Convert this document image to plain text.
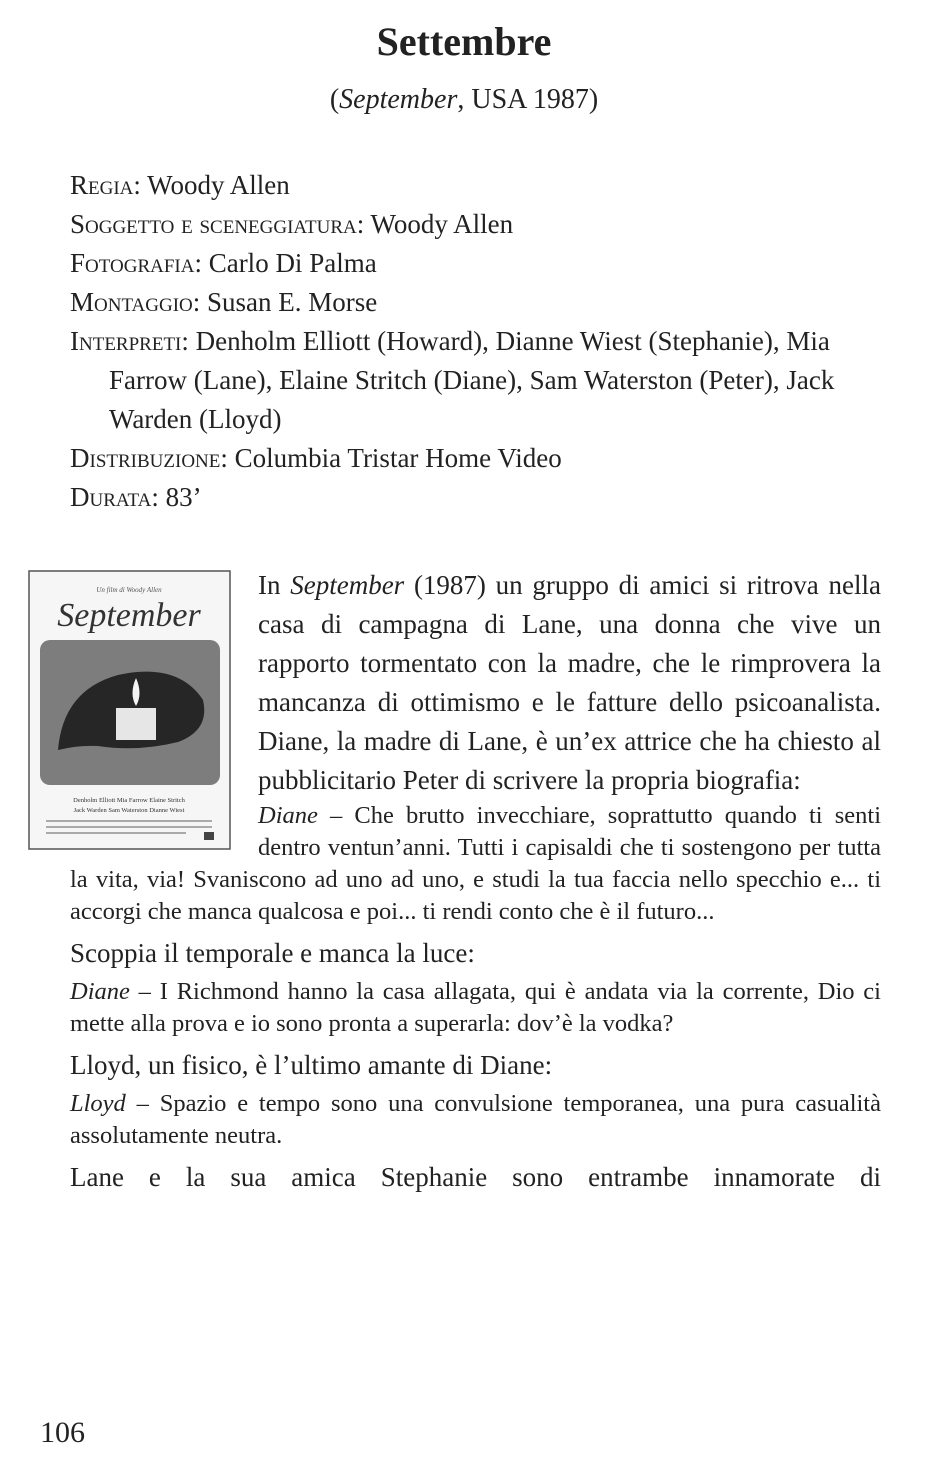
Settembre

(September, USA 1987)

Regia: Woody Allen
Soggetto e sceneggiatura: Woody Allen
Fotografia: Carlo Di Palma
Montaggio: Susan E. Morse
Interpreti: Denholm Elliott (Howard), Dianne Wiest (Stephanie), Mia Farrow (Lane), Elaine Stritch (Diane), Sam Waterston (Peter), Jack Warden (Lloyd)
Distribuzione: Columbia Tristar Home Video
Durata: 83’
Un film di Woody Allen
September
Denholm Elliott Mia Farrow Elaine Stritch
Jack Warden Sam Waterston Dianne Wiest

In September (1987) un gruppo di amici si ritrova nella casa di campagna di Lane, una donna che vive un rapporto tormentato con la madre, che le rimprovera la mancanza di ottimismo e le fatture dello psicoanalista. Diane, la madre di Lane, è un’ex attrice che ha chiesto al pubblicitario Peter di scrivere la propria biografia:

Diane – Che brutto invecchiare, soprattutto quando ti senti dentro ventun’anni. Tutti i capisaldi che ti sostengono per tutta la vita, via! Svaniscono ad uno ad uno, e studi la tua faccia nello specchio e... ti accorgi che manca qualcosa e poi... ti rendi conto che è il futuro...

Scoppia il temporale e manca la luce:

Diane – I Richmond hanno la casa allagata, qui è andata via la corrente, Dio ci mette alla prova e io sono pronta a superarla: dov’è la vodka?

Lloyd, un fisico, è l’ultimo amante di Diane:

Lloyd – Spazio e tempo sono una convulsione temporanea, una pura casualità assolutamente neutra.

Lane e la sua amica Stephanie sono entrambe innamorate di

106
